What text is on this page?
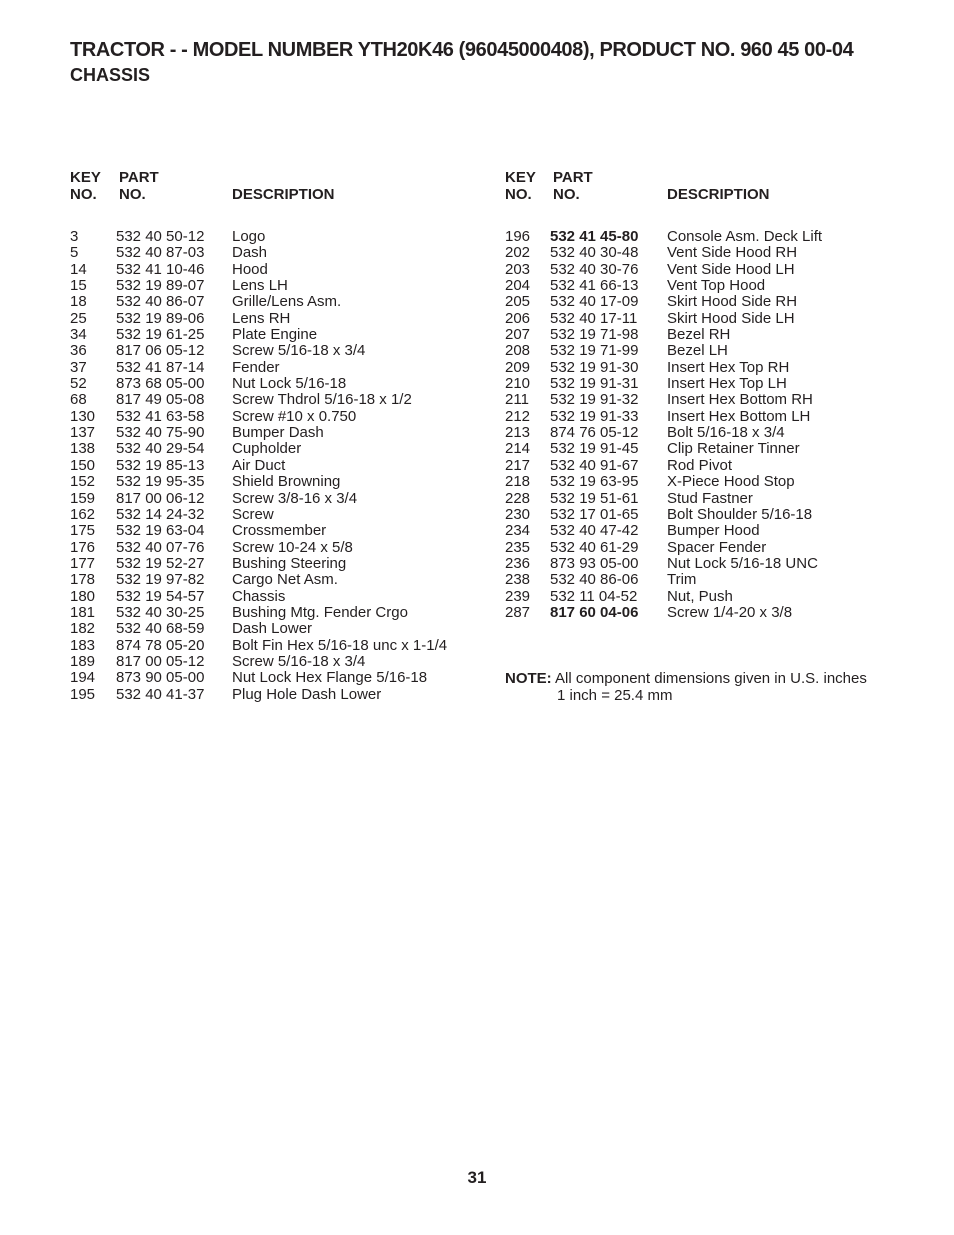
TRACTOR - - MODEL NUMBER YTH20K46 (96045000408), PRODUCT NO. 960 45 00-04
CHASSIS
KEY
NO.
PART
NO.	DESCRIPTION
3	532 40 50-12 Logo
5	532 40 87-03 Dash
14 532 41 10-46 Hood
15 532 19 89-07 Lens LH
18 532 40 86-07 Grille/Lens Asm.
25 532 19 89-06 Lens RH
34 532 19 61-25 Plate Engine
36 817 06 05-12 Screw 5/16-18 x 3/4
37 532 41 87-14 Fender
52 873 68 05-00 Nut Lock 5/16-18
68 817 49 05-08 Screw Thdrol 5/16-18 x 1/2
130 532 41 63-58 Screw #10 x 0.750
137 532 40 75-90 Bumper Dash
138 532 40 29-54 Cupholder
150 532 19 85-13 Air Duct
152 532 19 95-35 Shield Browning
159 817 00 06-12 Screw 3/8-16 x 3/4
162 532 14 24-32 Screw
175 532 19 63-04 Crossmember
176 532 40 07-76 Screw 10-24 x 5/8
177 532 19 52-27 Bushing Steering
178 532 19 97-82 Cargo Net Asm.
180 532 19 54-57 Chassis
181 532 40 30-25 Bushing Mtg. Fender Crgo
182 532 40 68-59 Dash Lower
183 874 78 05-20 Bolt Fin Hex 5/16-18 unc x 1-1/4
189 817 00 05-12 Screw 5/16-18 x 3/4
194 873 90 05-00 Nut Lock Hex Flange 5/16-18
195 532 40 41-37 Plug Hole Dash Lower
KEY
NO.
PART
NO.	DESCRIPTION
196 532 41 45-80 Console Asm. Deck Lift
202 532 40 30-48 Vent Side Hood RH
203 532 40 30-76 Vent Side Hood LH
204 532 41 66-13 Vent Top Hood
205 532 40 17-09 Skirt Hood Side RH
206 532 40 17-11 Skirt Hood Side LH
207 532 19 71-98 Bezel RH
208 532 19 71-99 Bezel LH
209 532 19 91-30 Insert Hex Top RH
210 532 19 91-31 Insert Hex Top LH
211 532 19 91-32 Insert Hex Bottom RH
212 532 19 91-33 Insert Hex Bottom LH
213 874 76 05-12 Bolt 5/16-18 x 3/4
214 532 19 91-45 Clip Retainer Tinner
217 532 40 91-67 Rod Pivot
218 532 19 63-95 X-Piece Hood Stop
228 532 19 51-61 Stud Fastner
230 532 17 01-65 Bolt Shoulder 5/16-18
234 532 40 47-42 Bumper Hood
235 532 40 61-29 Spacer Fender
236 873 93 05-00 Nut Lock 5/16-18 UNC
238 532 40 86-06 Trim
239 532 11 04-52 Nut, Push
287 817 60 04-06 Screw 1/4-20 x 3/8
NOTE: All component dimensions given in U.S. inches
1 inch = 25.4 mm
31
